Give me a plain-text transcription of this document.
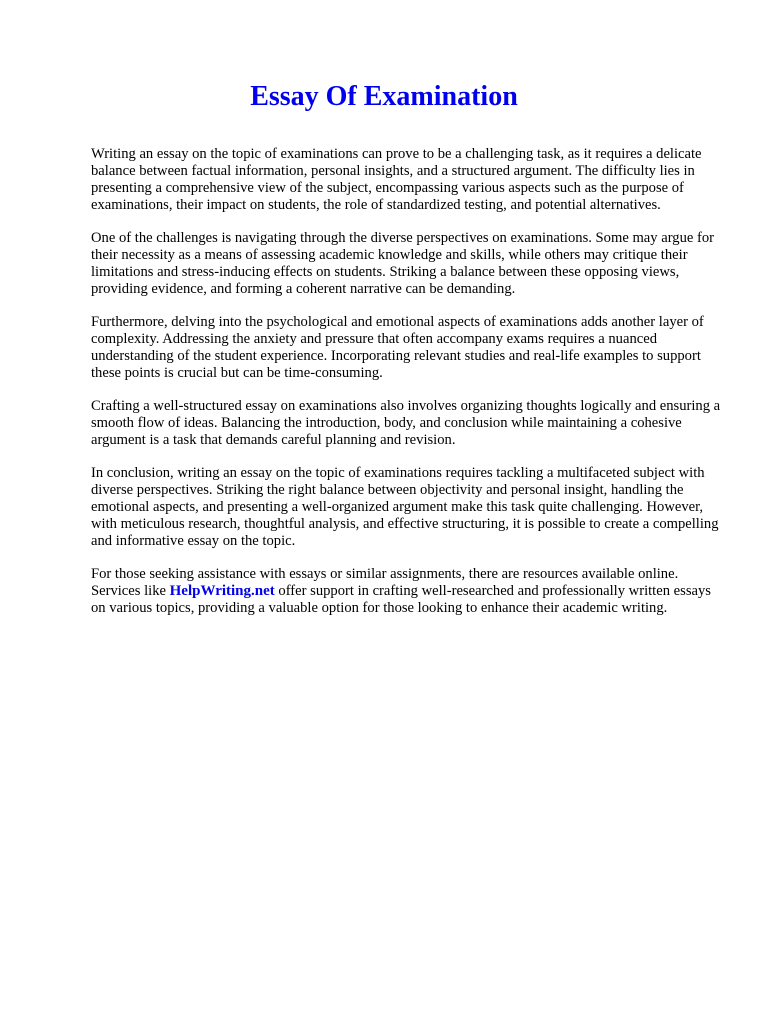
Essay Of Examination

Writing an essay on the topic of examinations can prove to be a challenging task, as it requires a delicate balance between factual information, personal insights, and a structured argument. The difficulty lies in presenting a comprehensive view of the subject, encompassing various aspects such as the purpose of examinations, their impact on students, the role of standardized testing, and potential alternatives.

One of the challenges is navigating through the diverse perspectives on examinations. Some may argue for their necessity as a means of assessing academic knowledge and skills, while others may critique their limitations and stress-inducing effects on students. Striking a balance between these opposing views, providing evidence, and forming a coherent narrative can be demanding.

Furthermore, delving into the psychological and emotional aspects of examinations adds another layer of complexity. Addressing the anxiety and pressure that often accompany exams requires a nuanced understanding of the student experience. Incorporating relevant studies and real-life examples to support these points is crucial but can be time-consuming.

Crafting a well-structured essay on examinations also involves organizing thoughts logically and ensuring a smooth flow of ideas. Balancing the introduction, body, and conclusion while maintaining a cohesive argument is a task that demands careful planning and revision.

In conclusion, writing an essay on the topic of examinations requires tackling a multifaceted subject with diverse perspectives. Striking the right balance between objectivity and personal insight, handling the emotional aspects, and presenting a well-organized argument make this task quite challenging. However, with meticulous research, thoughtful analysis, and effective structuring, it is possible to create a compelling and informative essay on the topic.

For those seeking assistance with essays or similar assignments, there are resources available online. Services like HelpWriting.net offer support in crafting well-researched and professionally written essays on various topics, providing a valuable option for those looking to enhance their academic writing.
